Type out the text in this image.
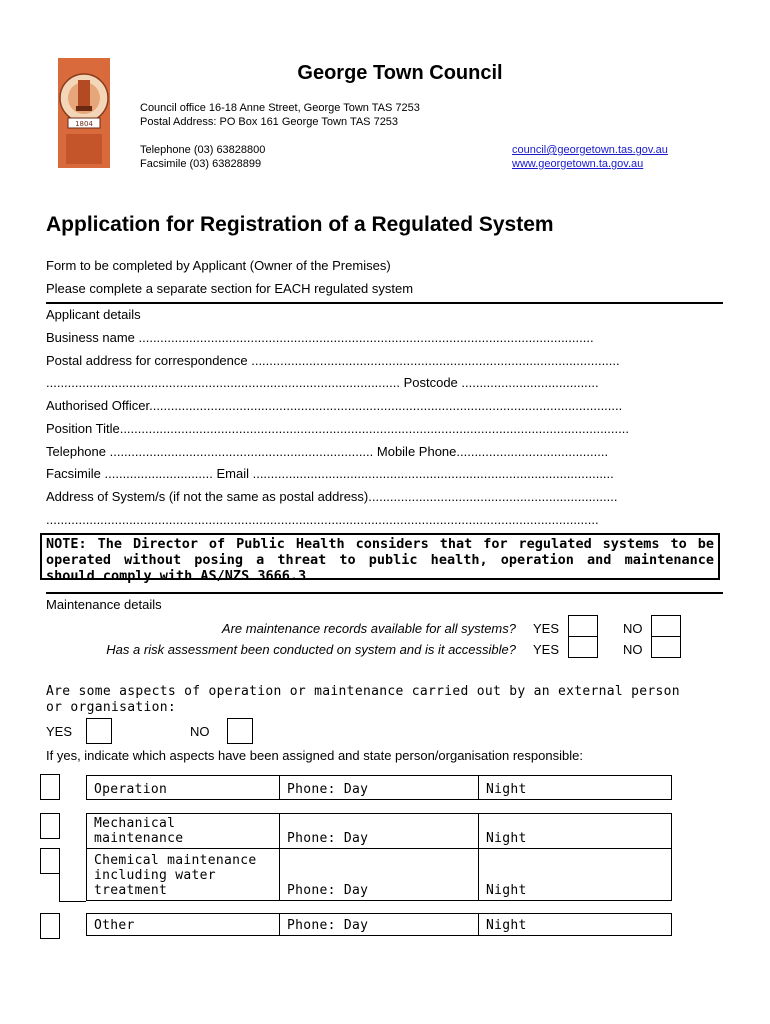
1804
George Town Council
Council office 16-18 Anne Street, George Town TAS 7253
Postal Address: PO Box 161 George Town TAS 7253
Telephone (03) 63828800
Facsimile (03) 63828899
council@georgetown.tas.gov.au
www.georgetown.ta.gov.au
Application for Registration of a Regulated System
Form to be completed by Applicant (Owner of the Premises)
Please complete a separate section for EACH regulated system
Applicant details
Business name ..............................................................................................................................
Postal address for correspondence ......................................................................................................
.................................................................................................. Postcode ......................................
Authorised Officer...................................................................................................................................
Position Title.............................................................................................................................................
Telephone ......................................................................... Mobile Phone..........................................
Facsimile .............................. Email ....................................................................................................
Address of System/s (if not the same as postal address).....................................................................
.........................................................................................................................................................
NOTE: The Director of Public Health considers that for regulated systems to be operated without posing a threat to public health, operation and maintenance should comply with AS/NZS 3666.3
Maintenance details
Are maintenance records available for all systems? YES	NO
Has a risk assessment been conducted on system and is it accessible? YES	NO
Are some aspects of operation or maintenance carried out by an external person or organisation:
YES	NO
If yes, indicate which aspects have been assigned and state person/organisation responsible:
Operation	Phone: Day	Night
Mechanical maintenance	Phone: Day	Night
Chemical maintenance including water treatment	Phone: Day	Night
Other	Phone: Day	Night
